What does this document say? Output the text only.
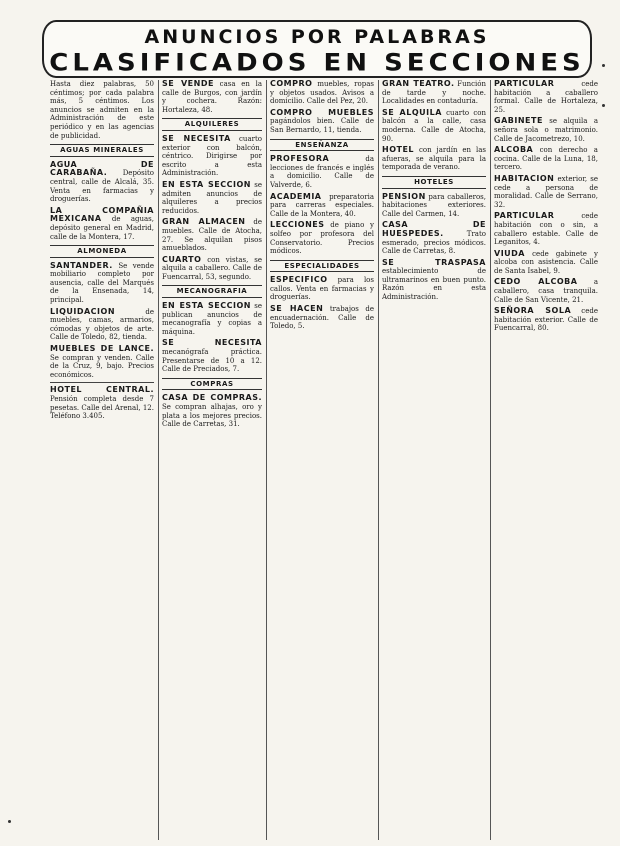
ANUNCIOS POR PALABRAS
CLASIFICADOS EN SECCIONES
Hasta diez palabras, 50 céntimos; por cada palabra más, 5 céntimos. Los anuncios se admiten en la Administración de este periódico y en las agencias de publicidad.
AGUAS MINERALES
AGUA DE CARABAÑA. Depósito central, calle de Alcalá, 35. Venta en farmacias y droguerías.
LA COMPAÑIA MEXICANA de aguas, depósito general en Madrid, calle de la Montera, 17.
ALMONEDA
SANTANDER. Se vende mobiliario completo por ausencia, calle del Marqués de la Ensenada, 14, principal.
LIQUIDACION	de muebles, camas, armarios, cómodas y objetos de arte. Calle de Toledo, 82, tienda.
MUEBLES DE LANCE. Se compran y venden. Calle de la Cruz, 9, bajo. Precios económicos.
HOTEL CENTRAL. Pensión completa desde 7 pesetas. Calle del Arenal, 12. Teléfono 3.405.
SE VENDE casa en la calle de Burgos, con jardín y cochera. Razón: Hortaleza, 48.
ALQUILERES
SE NECESITA cuarto exterior con balcón, céntrico. Dirigirse por escrito a esta Administración.
EN ESTA SECCION se admiten anuncios de alquileres a precios reducidos.
GRAN ALMACEN de muebles. Calle de Atocha, 27. Se alquilan pisos amueblados.
CUARTO con vistas, se alquila a caballero. Calle de Fuencarral, 53, segundo.
MECANOGRAFIA
EN ESTA SECCION se publican anuncios de mecanografía y copias a máquina.
SE NECESITA mecanógrafa práctica. Presentarse de 10 a 12. Calle de Preciados, 7.
COMPRAS
CASA DE COMPRAS. Se compran alhajas, oro y plata a los mejores precios. Calle de Carretas, 31.
COMPRO muebles, ropas y objetos usados. Avisos a domicilio. Calle del Pez, 20.
COMPRO MUEBLES pagándolos bien. Calle de San Bernardo, 11, tienda.
ENSEÑANZA
PROFESORA	da lecciones de francés e inglés a domicilio. Calle de Valverde, 6.
ACADEMIA preparatoria para carreras especiales. Calle de la Montera, 40.
LECCIONES de piano y solfeo por profesora del Conservatorio. Precios módicos.
ESPECIALIDADES
ESPECIFICO para los callos. Venta en farmacias y droguerías.
SE HACEN trabajos de encuadernación. Calle de Toledo, 5.
GRAN TEATRO. Función de tarde y noche. Localidades en contaduría.
SE ALQUILA cuarto con balcón a la calle, casa moderna. Calle de Atocha, 90.
HOTEL con jardín en las afueras, se alquila para la temporada de verano.
HOTELES
PENSION para caballeros, habitaciones exteriores. Calle del Carmen, 14.
CASA DE HUESPEDES.	Trato esmerado, precios módicos. Calle de Carretas, 8.
SE TRASPASA establecimiento de ultramarinos en buen punto. Razón en esta Administración.
PARTICULAR	cede habitación a caballero formal. Calle de Hortaleza, 25.
GABINETE se alquila a señora sola o matrimonio. Calle de Jacometrezo, 10.
ALCOBA con derecho a cocina. Calle de la Luna, 18, tercero.
HABITACION exterior, se cede a persona de moralidad. Calle de Serrano, 32.
PARTICULAR	cede habitación con o sin, a caballero estable. Calle de Leganitos, 4.
VIUDA cede gabinete y alcoba con asistencia. Calle de Santa Isabel, 9.
CEDO ALCOBA a caballero, casa tranquila. Calle de San Vicente, 21.
SEÑORA SOLA cede habitación exterior. Calle de Fuencarral, 80.
